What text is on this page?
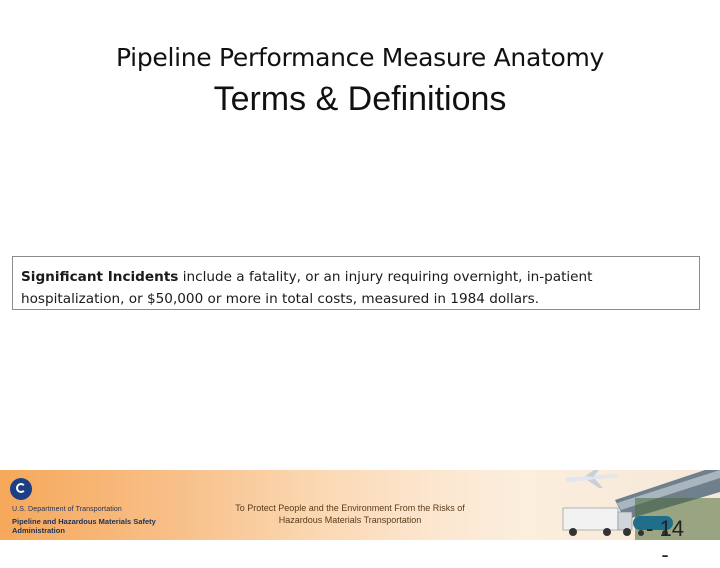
Pipeline Performance Measure Anatomy
Terms & Definitions
Significant Incidents include a fatality, or an injury requiring overnight, in-patient hospitalization, or $50,000 or more in total costs, measured in 1984 dollars.
U.S. Department of Transportation
Pipeline and Hazardous Materials Safety Administration
To Protect People and the Environment From the Risks of Hazardous Materials Transportation	- 14 -
